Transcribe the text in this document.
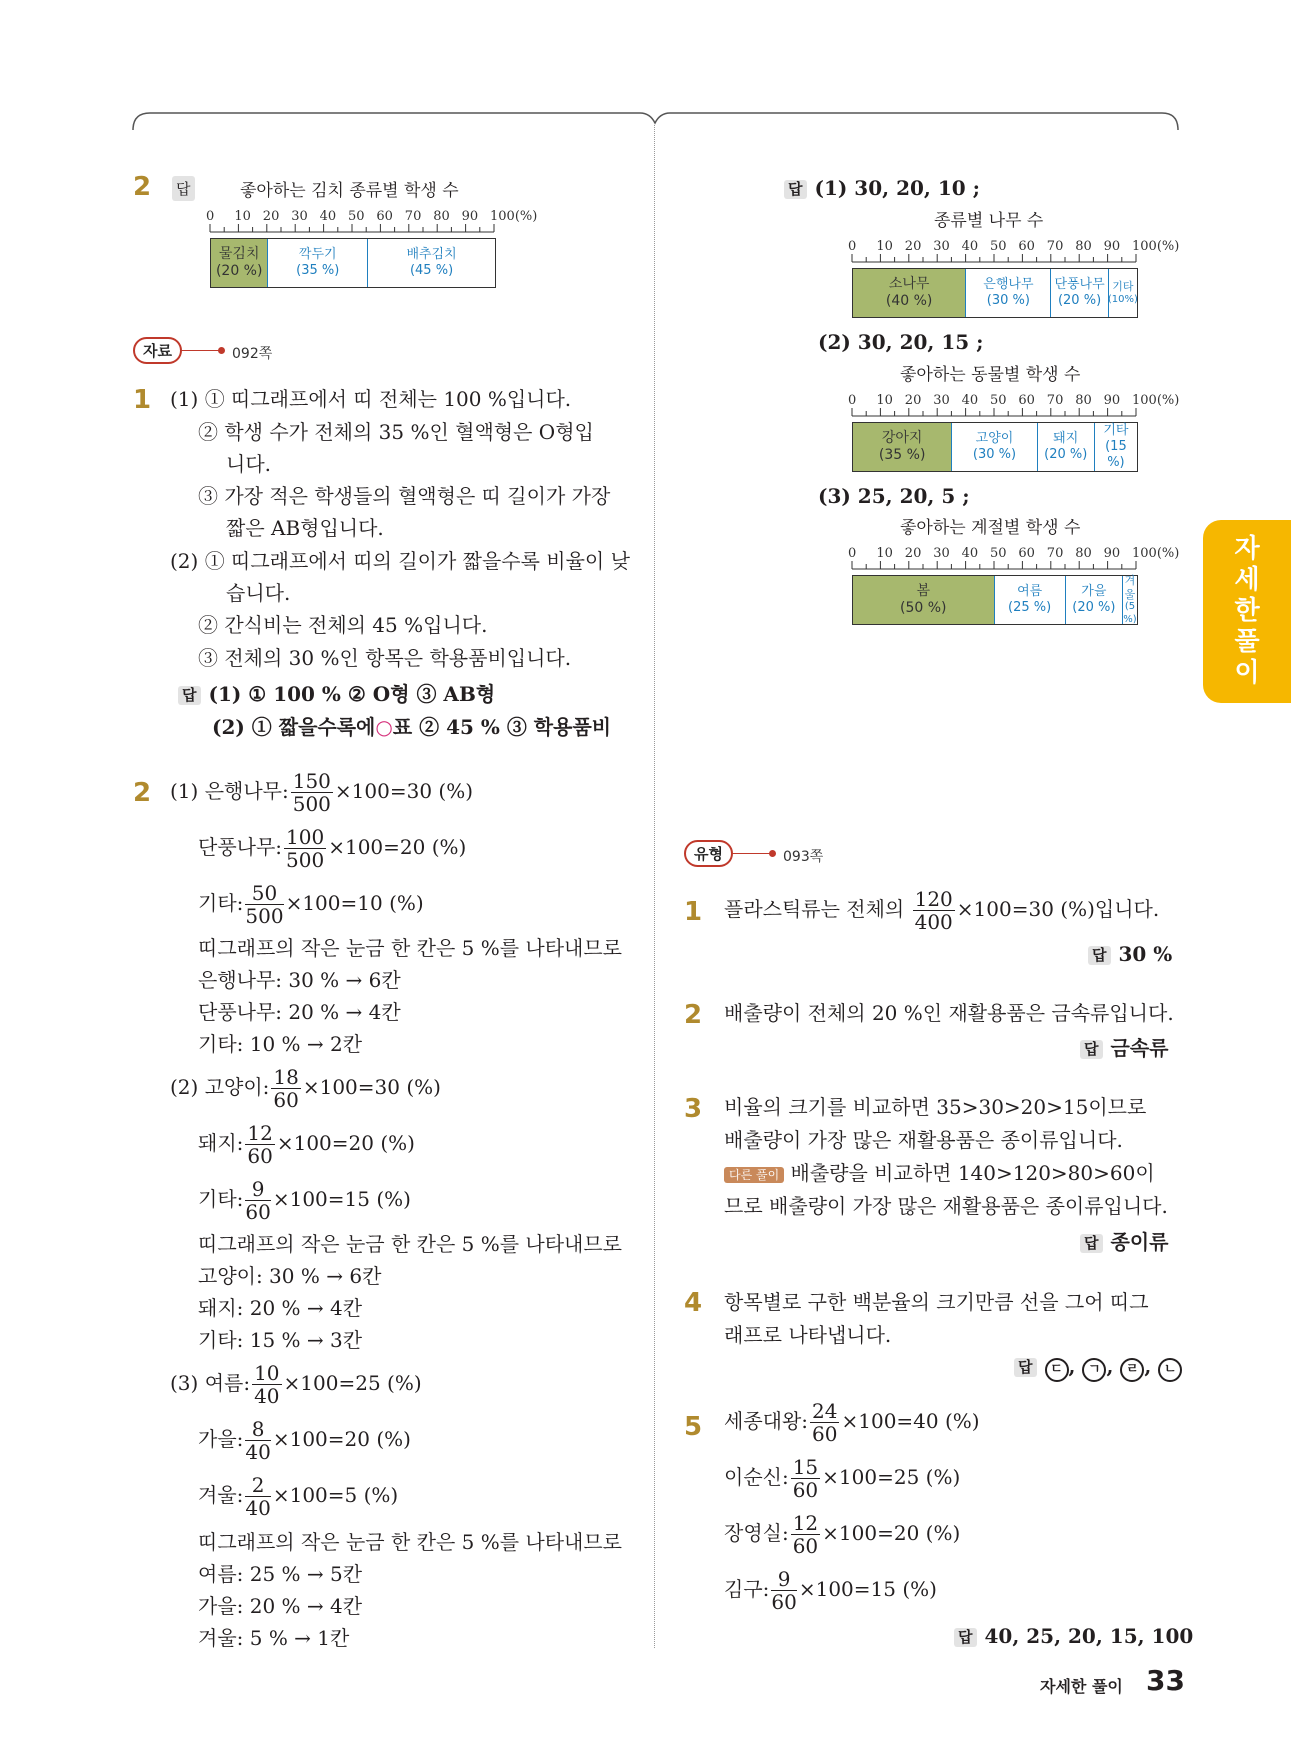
자
세
한
풀
이
2 답	좋아하는 김치 종류별 학생 수
0 10 20 30 40 50 60 70 80 90 100(%)
물김치
(20 %)
깍두기
(35 %)
배추김치
(45 %)
자료	092쪽
1 (1) ① 띠그래프에서 띠 전체는 100 %입니다.
② 학생 수가 전체의 35 %인 혈액형은 O형입
니다.
③ 가장 적은 학생들의 혈액형은 띠 길이가 가장
짧은 AB형입니다.
(2) ① 띠그래프에서 띠의 길이가 짧을수록 비율이 낮
습니다.
② 간식비는 전체의 45 %입니다.
③ 전체의 30 %인 항목은 학용품비입니다.
답 (1) ① 100 % ② O형 ③ AB형
(2) ① 짧을수록에○표 ② 45 % ③ 학용품비
2 (1) 은행나무: $\frac{150}{500} \times 100=30$ (%)
단풍나무: $\frac{100}{500} \times 100=20$ (%)
기타: $\frac{50}{500} \times 100=10$ (%)
띠그래프의 작은 눈금 한 칸은 5 %를 나타내므로
은행나무: 30 % → 6칸
단풍나무: 20 % → 4칸
기타: 10 % → 2칸
(2) 고양이: $\frac{18}{60} \times 100=30$ (%)
돼지: $\frac{12}{60} \times 100=20$ (%)
기타: $\frac{9}{60} \times 100=15$ (%)
띠그래프의 작은 눈금 한 칸은 5 %를 나타내므로
고양이: 30 % → 6칸
돼지: 20 % → 4칸
기타: 15 % → 3칸
(3) 여름: $\frac{10}{40} \times 100=25$ (%)
가을: $\frac{8}{40} \times 100=20$ (%)
겨울: $\frac{2}{40} \times 100=5$ (%)
띠그래프의 작은 눈금 한 칸은 5 %를 나타내므로
여름: 25 % → 5칸
가을: 20 % → 4칸
겨울: 5 % → 1칸
답 (1) 30, 20, 10 ;
종류별 나무 수
0 10 20 30 40 50 60 70 80 90 100(%)
소나무
(40 %)
은행나무
(30 %)
단풍나무
(20 %)
기타
(10%)
(2) 30, 20, 15 ;
좋아하는 동물별 학생 수
0 10 20 30 40 50 60 70 80 90 100(%)
강아지
(35 %)
고양이
(30 %)
돼지
(20 %)
기타
(15 %)
(3) 25, 20, 5 ;
좋아하는 계절별 학생 수
0 10 20 30 40 50 60 70 80 90 100(%)
봄
(50 %)
여름
(25 %)
가을
(20 %)
겨울
(5 %)
유형	093쪽
1 플라스틱류는 전체의 $\frac{120}{400} \times 100=30$ (%)입니다.
답 30 %
2 배출량이 전체의 20 %인 재활용품은 금속류입니다.
답 금속류
3 비율의 크기를 비교하면 35>30>20>15이므로
배출량이 가장 많은 재활용품은 종이류입니다.
다른 풀이 배출량을 비교하면 140>120>80>60이
므로 배출량이 가장 많은 재활용품은 종이류입니다.
답 종이류
4 항목별로 구한 백분율의 크기만큼 선을 그어 띠그
래프로 나타냅니다.
답 ㄷ , ㄱ , ㄹ , ㄴ
5 세종대왕: $\frac{24}{60} \times 100=40$ (%)
이순신: $\frac{15}{60} \times 100=25$ (%)
장영실: $\frac{12}{60} \times 100=20$ (%)
김구: $\frac{9}{60} \times 100=15$ (%)
답 40, 25, 20, 15, 100
자세한 풀이 33
